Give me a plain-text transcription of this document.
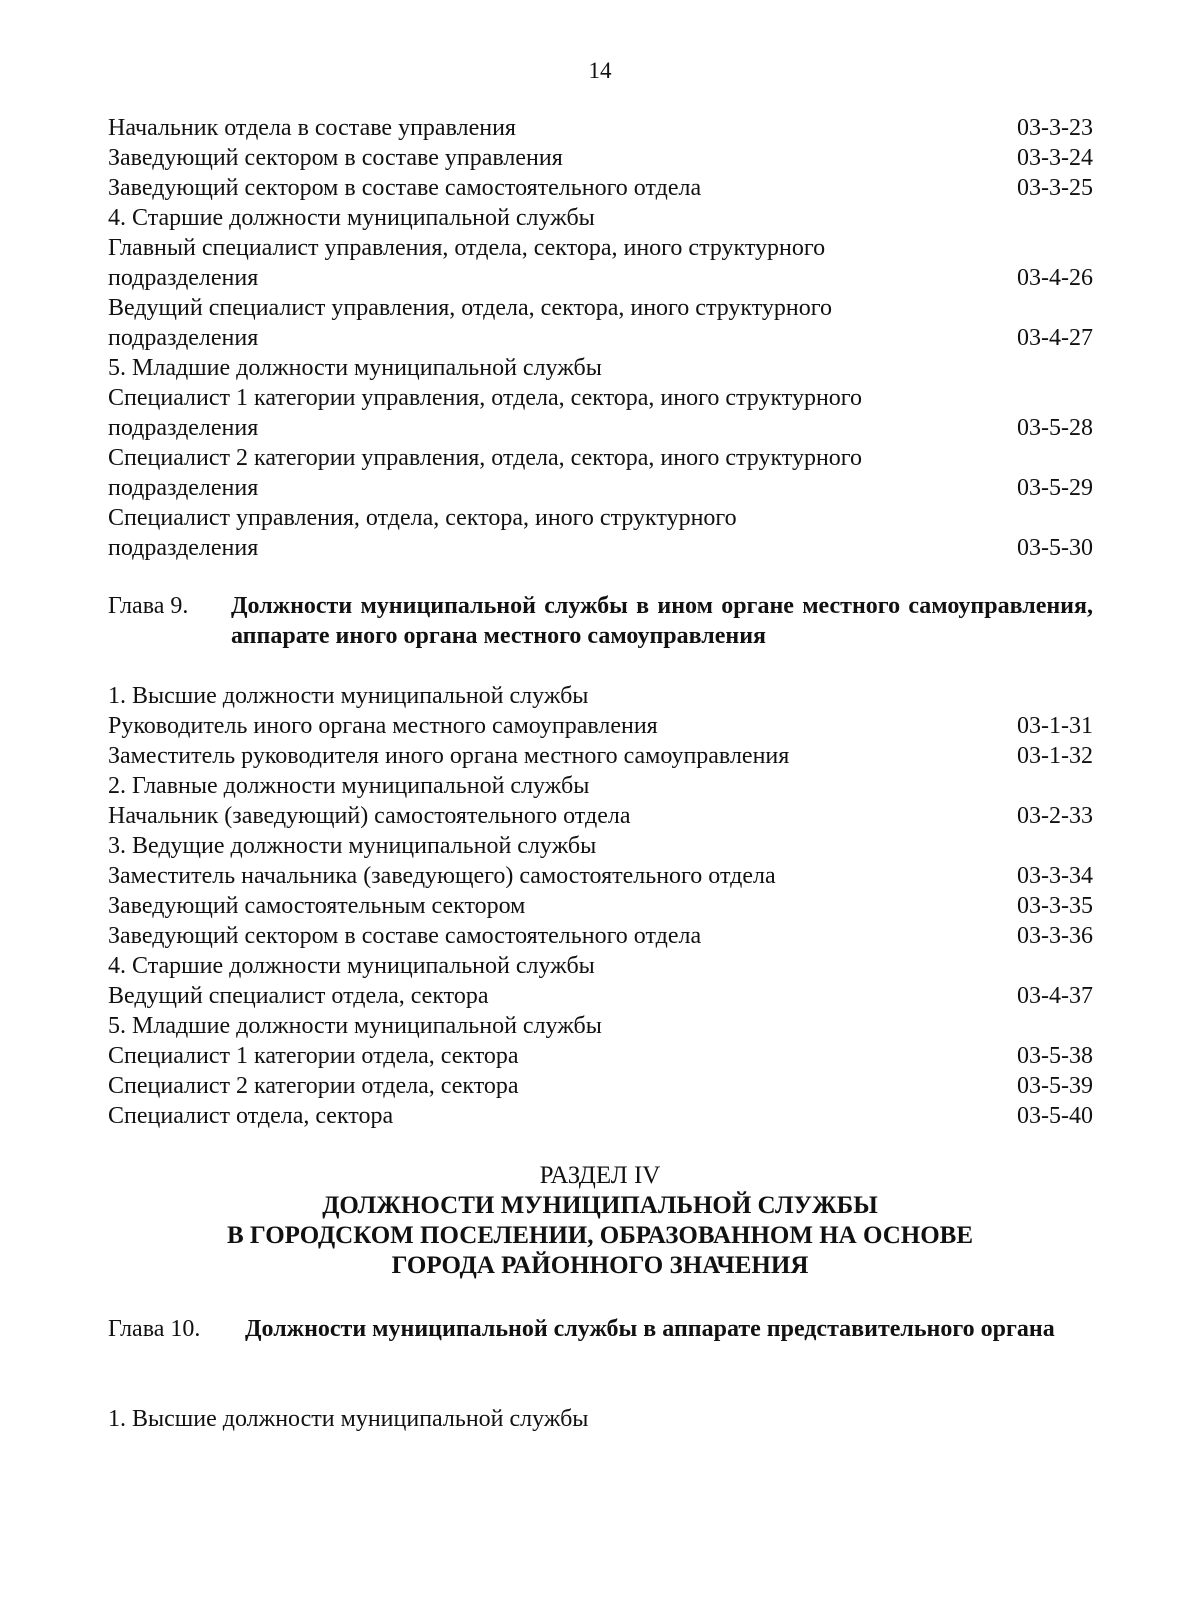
14
Начальник отдела в составе управления	03-3-23
Заведующий сектором в составе управления	03-3-24
Заведующий сектором в составе самостоятельного отдела	03-3-25
4. Старшие должности муниципальной службы
Главный специалист управления, отдела, сектора, иного структурного
подразделения	03-4-26
Ведущий специалист управления, отдела, сектора, иного структурного
подразделения	03-4-27
5. Младшие должности муниципальной службы
Специалист 1 категории управления, отдела, сектора, иного структурного
подразделения	03-5-28
Специалист 2 категории управления, отдела, сектора, иного структурного
подразделения	03-5-29
Специалист управления, отдела, сектора, иного структурного
подразделения	03-5-30
Глава 9.	Должности муниципальной службы в ином органе местного самоуправления, аппарате иного органа местного самоуправления
1. Высшие должности муниципальной службы
Руководитель иного органа местного самоуправления	03-1-31
Заместитель руководителя иного органа местного самоуправления	03-1-32
2. Главные должности муниципальной службы
Начальник (заведующий) самостоятельного отдела	03-2-33
3. Ведущие должности муниципальной службы
Заместитель начальника (заведующего) самостоятельного отдела	03-3-34
Заведующий самостоятельным сектором	03-3-35
Заведующий сектором в составе самостоятельного отдела	03-3-36
4. Старшие должности муниципальной службы
Ведущий специалист отдела, сектора	03-4-37
5. Младшие должности муниципальной службы
Специалист 1 категории отдела, сектора	03-5-38
Специалист 2 категории отдела, сектора	03-5-39
Специалист отдела, сектора	03-5-40
РАЗДЕЛ IV
ДОЛЖНОСТИ МУНИЦИПАЛЬНОЙ СЛУЖБЫ
В ГОРОДСКОМ ПОСЕЛЕНИИ, ОБРАЗОВАННОМ НА ОСНОВЕ
ГОРОДА РАЙОННОГО ЗНАЧЕНИЯ
Глава 10.	Должности муниципальной службы в аппарате представительного органа
1. Высшие должности муниципальной службы
